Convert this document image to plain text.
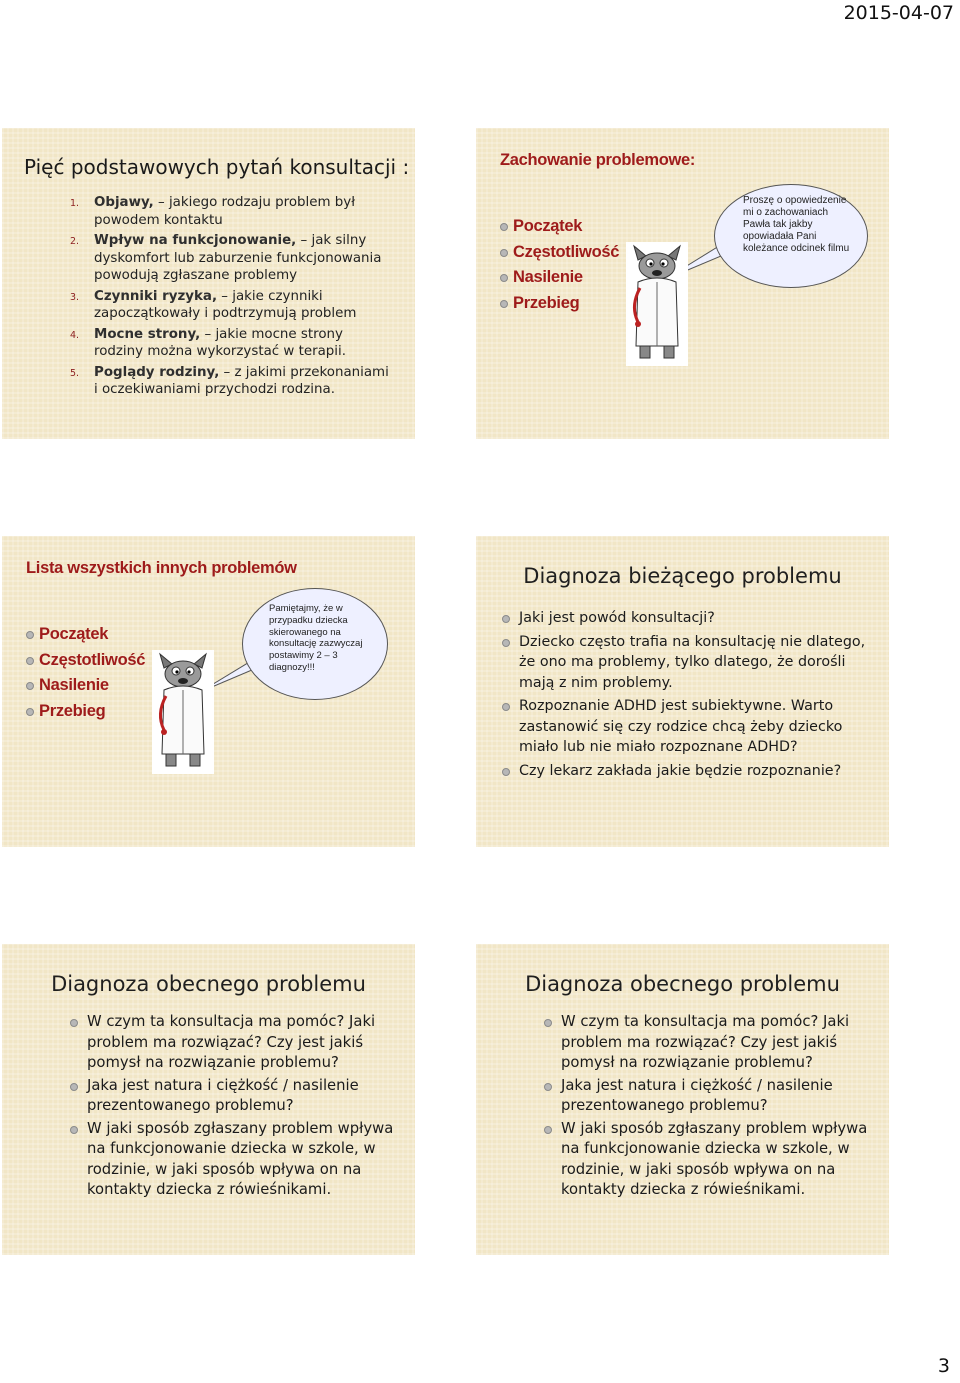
2015-04-07
Pięć podstawowych pytań konsultacji :
1. Objawy, – jakiego rodzaju problem był powodem kontaktu
2. Wpływ na funkcjonowanie, – jak silny dyskomfort lub zaburzenie funkcjonowania powodują zgłaszane problemy
3. Czynniki ryzyka, – jakie czynniki zapoczątkowały i podtrzymują problem
4. Mocne strony, – jakie mocne strony rodziny można wykorzystać w terapii.
5. Poglądy rodziny, – z jakimi przekonaniami i oczekiwaniami przychodzi rodzina.
Zachowanie problemowe:
Początek
Częstotliwość
Nasilenie
Przebieg
Proszę o opowiedzenie mi o zachowaniach Pawła tak jakby opowiadała Pani koleżance odcinek filmu
Lista wszystkich innych problemów
Początek
Częstotliwość
Nasilenie
Przebieg
Pamiętajmy, że w przypadku dziecka skierowanego na konsultację zazwyczaj postawimy 2 – 3 diagnozy!!!
Diagnoza bieżącego problemu
Jaki jest powód konsultacji?
Dziecko często trafia na konsultację nie dlatego, że ono ma problemy, tylko dlatego, że dorośli mają z nim problemy.
Rozpoznanie ADHD jest subiektywne. Warto zastanowić się czy rodzice chcą żeby dziecko miało lub nie miało rozpoznane ADHD?
Czy lekarz zakłada jakie będzie rozpoznanie?
Diagnoza obecnego problemu
W czym ta konsultacja ma pomóc? Jaki problem ma rozwiązać? Czy jest jakiś pomysł na rozwiązanie problemu?
Jaka jest natura i ciężkość / nasilenie prezentowanego problemu?
W jaki sposób zgłaszany problem wpływa na funkcjonowanie dziecka w szkole, w rodzinie, w jaki sposób wpływa on na kontakty dziecka z rówieśnikami.
Diagnoza obecnego problemu
W czym ta konsultacja ma pomóc? Jaki problem ma rozwiązać? Czy jest jakiś pomysł na rozwiązanie problemu?
Jaka jest natura i ciężkość / nasilenie prezentowanego problemu?
W jaki sposób zgłaszany problem wpływa na funkcjonowanie dziecka w szkole, w rodzinie, w jaki sposób wpływa on na kontakty dziecka z rówieśnikami.
3
